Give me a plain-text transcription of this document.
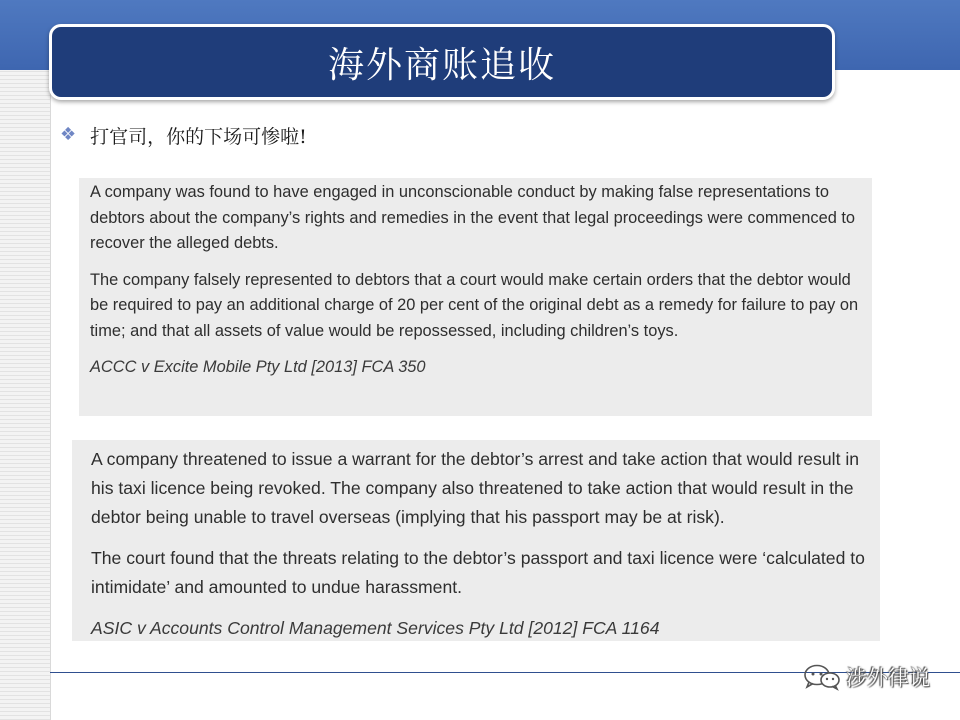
海外商账追收
❖ 打官司，你的下场可惨啦!

A company was found to have engaged in unconscionable conduct by making false representations to debtors about the company’s rights and remedies in the event that legal proceedings were commenced to recover the alleged debts.

The company falsely represented to debtors that a court would make certain orders that the debtor would be required to pay an additional charge of 20 per cent of the original debt as a remedy for failure to pay on time; and that all assets of value would be repossessed, including children’s toys.

ACCC v Excite Mobile Pty Ltd [2013] FCA 350

A company threatened to issue a warrant for the debtor’s arrest and take action that would result in his taxi licence being revoked. The company also threatened to take action that would result in the debtor being unable to travel overseas (implying that his passport may be at risk).

The court found that the threats relating to the debtor’s passport and taxi licence were ‘calculated to intimidate’ and amounted to undue harassment.

ASIC v Accounts Control Management Services Pty Ltd [2012] FCA 1164

涉外律说
